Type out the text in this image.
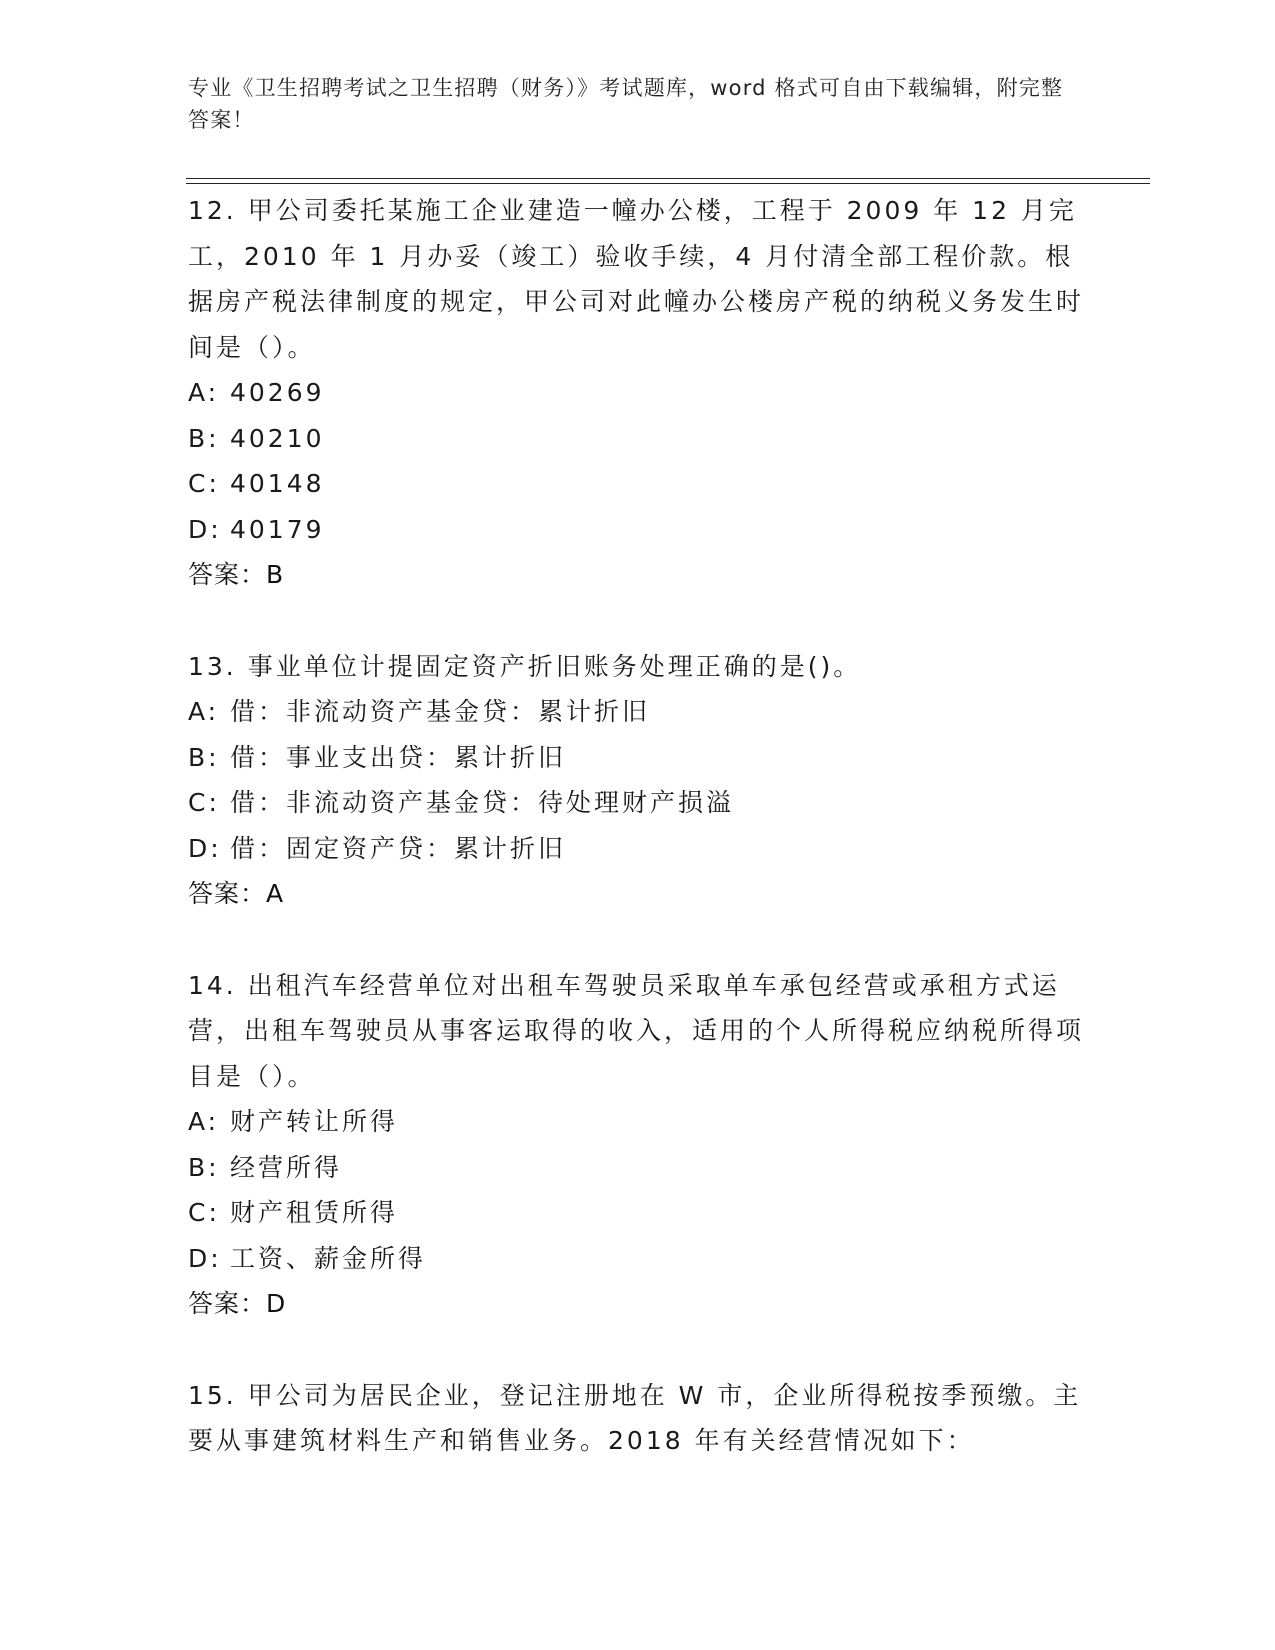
专业《卫生招聘考试之卫生招聘（财务）》考试题库，word 格式可自由下载编辑，附完整答案！

12. 甲公司委托某施工企业建造一幢办公楼，工程于 2009 年 12 月完工，2010 年 1 月办妥（竣工）验收手续，4 月付清全部工程价款。根据房产税法律制度的规定，甲公司对此幢办公楼房产税的纳税义务发生时间是（）。

A: 40269

B: 40210

C: 40148

D: 40179

答案：B

13. 事业单位计提固定资产折旧账务处理正确的是()。

A: 借：非流动资产基金贷：累计折旧

B: 借：事业支出贷：累计折旧

C: 借：非流动资产基金贷：待处理财产损溢

D: 借：固定资产贷：累计折旧

答案：A

14. 出租汽车经营单位对出租车驾驶员采取单车承包经营或承租方式运营，出租车驾驶员从事客运取得的收入，适用的个人所得税应纳税所得项目是（）。

A: 财产转让所得

B: 经营所得

C: 财产租赁所得

D: 工资、薪金所得

答案：D

15. 甲公司为居民企业，登记注册地在 W 市，企业所得税按季预缴。主要从事建筑材料生产和销售业务。2018 年有关经营情况如下：
